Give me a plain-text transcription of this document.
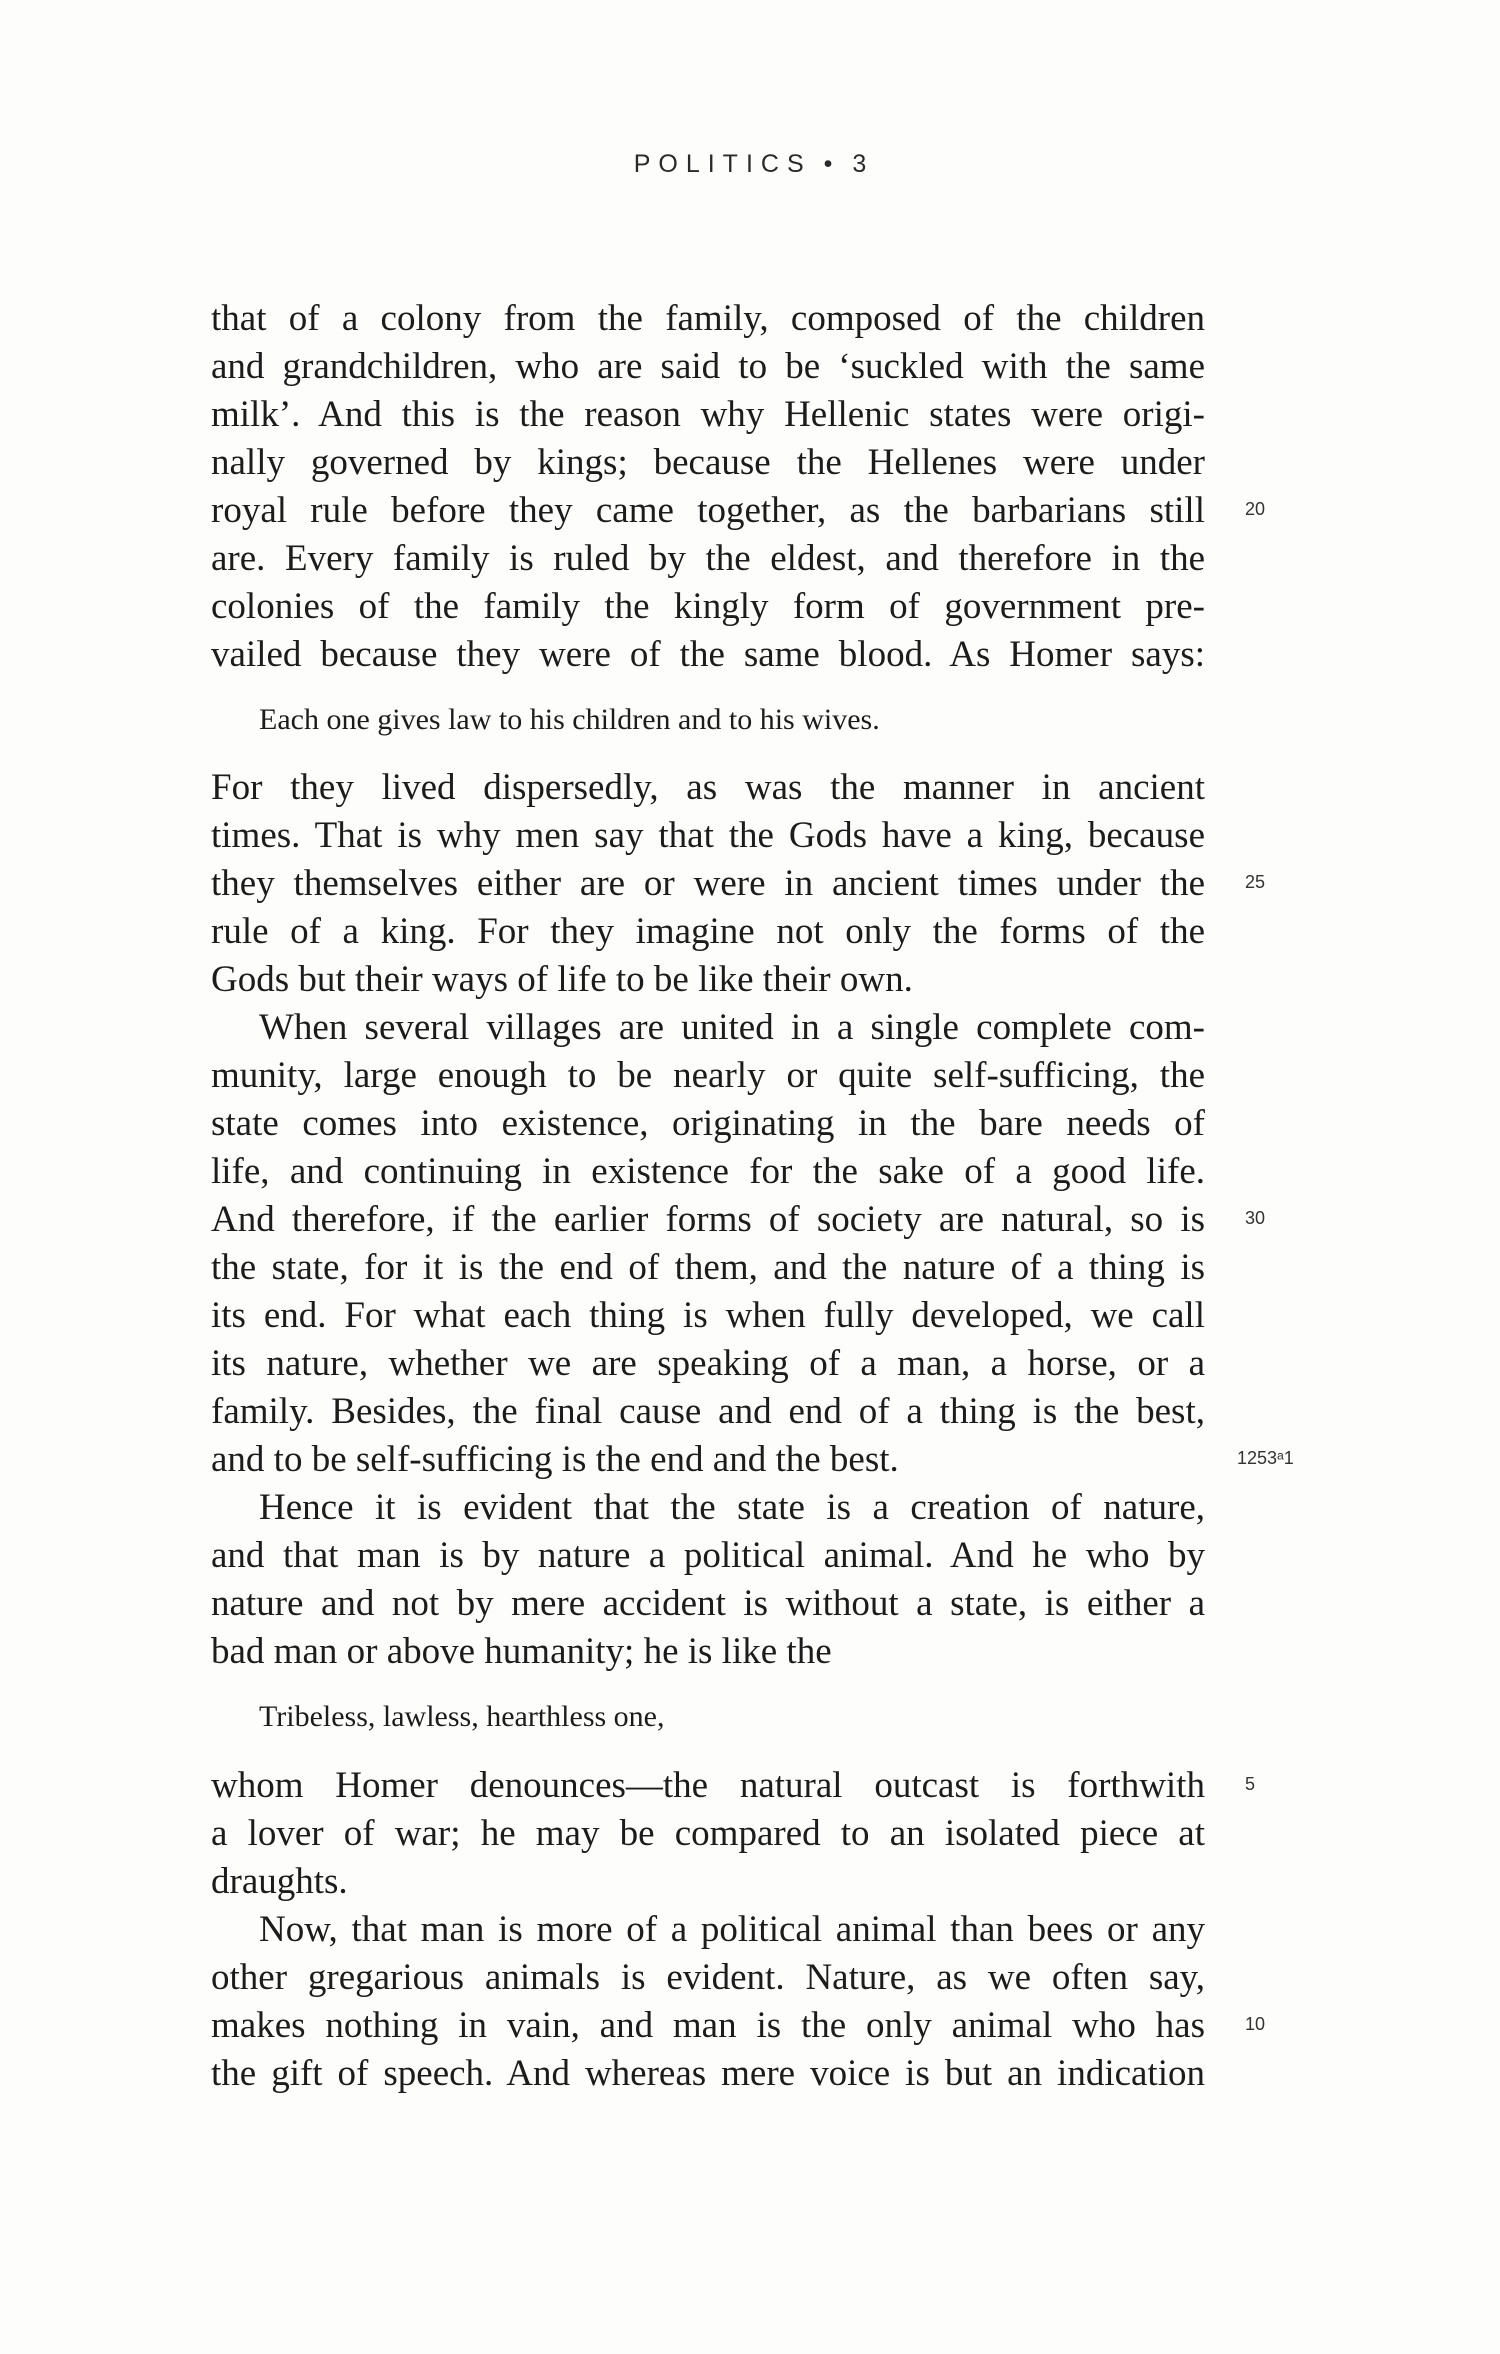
POLITICS • 3
that of a colony from the family, composed of the children
and grandchildren, who are said to be ‘suckled with the same
milk’. And this is the reason why Hellenic states were origi-
nally governed by kings; because the Hellenes were under
royal rule before they came together, as the barbarians still
are. Every family is ruled by the eldest, and therefore in the
colonies of the family the kingly form of government pre-
vailed because they were of the same blood. As Homer says:
Each one gives law to his children and to his wives.
For they lived dispersedly, as was the manner in ancient
times. That is why men say that the Gods have a king, because
they themselves either are or were in ancient times under the
rule of a king. For they imagine not only the forms of the
Gods but their ways of life to be like their own.
When several villages are united in a single complete com-
munity, large enough to be nearly or quite self-sufficing, the
state comes into existence, originating in the bare needs of
life, and continuing in existence for the sake of a good life.
And therefore, if the earlier forms of society are natural, so is
the state, for it is the end of them, and the nature of a thing is
its end. For what each thing is when fully developed, we call
its nature, whether we are speaking of a man, a horse, or a
family. Besides, the final cause and end of a thing is the best,
and to be self-sufficing is the end and the best.
Hence it is evident that the state is a creation of nature,
and that man is by nature a political animal. And he who by
nature and not by mere accident is without a state, is either a
bad man or above humanity; he is like the
Tribeless, lawless, hearthless one,
whom Homer denounces—the natural outcast is forthwith
a lover of war; he may be compared to an isolated piece at
draughts.
Now, that man is more of a political animal than bees or any
other gregarious animals is evident. Nature, as we often say,
makes nothing in vain, and man is the only animal who has
the gift of speech. And whereas mere voice is but an indication
20
25
30
1253ᵃ1
5
10
